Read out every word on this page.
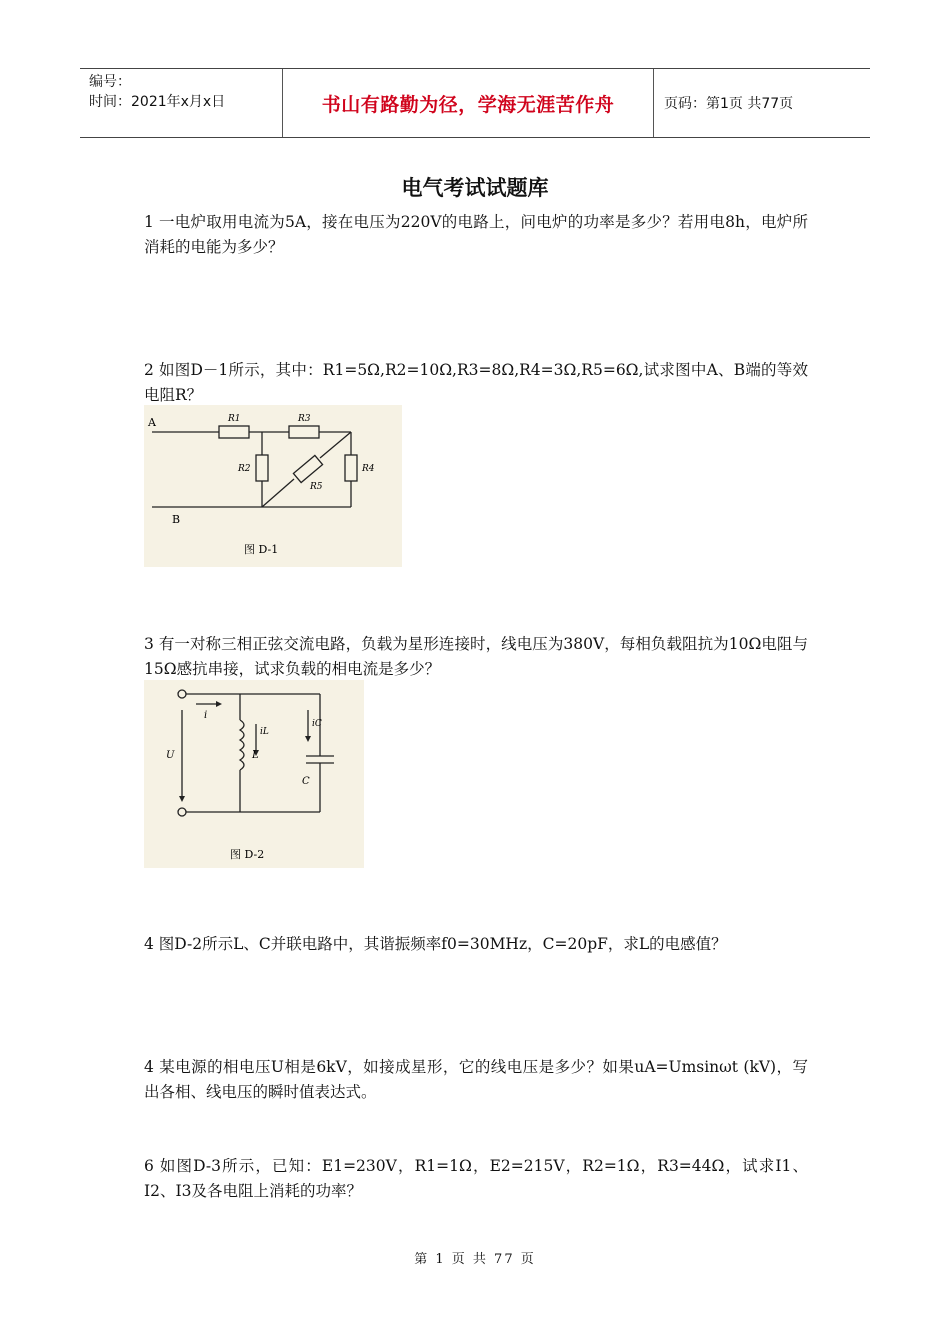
编号：
时间：2021年x月x日	书山有路勤为径，学海无涯苦作舟	页码：第1页 共77页
电气考试试题库
1 一电炉取用电流为5A，接在电压为220V的电路上，问电炉的功率是多少？若用电8h，电炉所消耗的电能为多少？
2 如图D－1所示，其中：R1=5Ω,R2=10Ω,R3=8Ω,R4=3Ω,R5=6Ω,试求图中A、B端的等效电阻R？
A
B
R1	R3
R2	R4
R5
图 D-1
3 有一对称三相正弦交流电路，负载为星形连接时，线电压为380V，每相负载阻抗为10Ω电阻与15Ω感抗串接，试求负载的相电流是多少？
i
iL
iC
U	L
C
图 D-2
4 图D-2所示L、C并联电路中，其谐振频率f0=30MHz，C=20pF，求L的电感值？
4 某电源的相电压U相是6kV，如接成星形，它的线电压是多少？如果uA=Umsinωt (kV)，写出各相、线电压的瞬时值表达式。
6 如图D-3所示，已知：E1=230V，R1=1Ω，E2=215V，R2=1Ω，R3=44Ω，试求I1、I2、I3及各电阻上消耗的功率？
第 1 页 共 77 页
